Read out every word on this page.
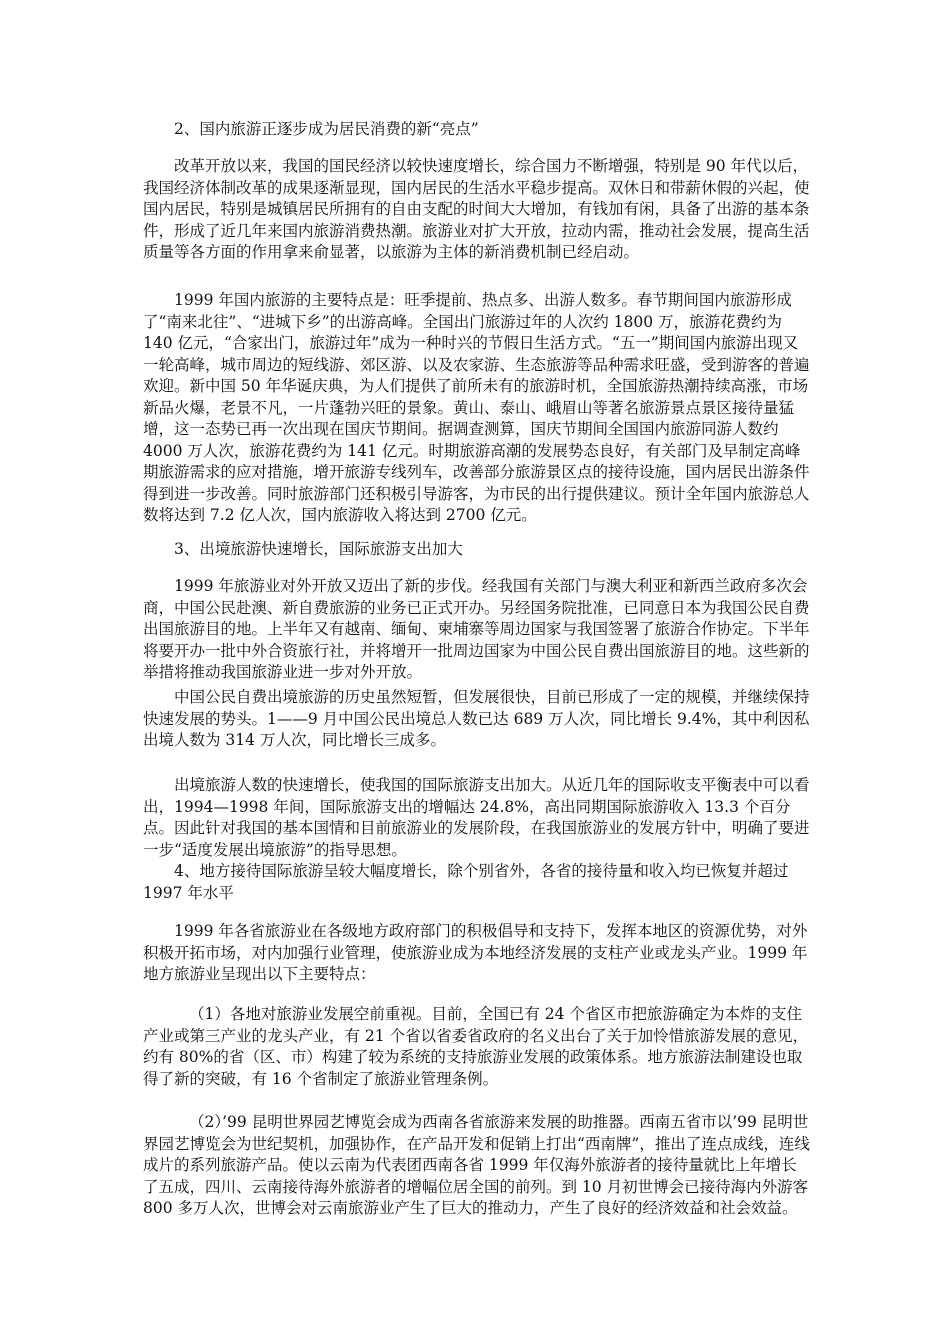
2、国内旅游正逐步成为居民消费的新“亮点”

改革开放以来，我国的国民经济以较快速度增长，综合国力不断增强，特别是 90 年代以后，我国经济体制改革的成果逐渐显现，国内居民的生活水平稳步提高。双休日和带薪休假的兴起，使国内居民，特别是城镇居民所拥有的自由支配的时间大大增加，有钱加有闲，具备了出游的基本条件，形成了近几年来国内旅游消费热潮。旅游业对扩大开放，拉动内需，推动社会发展，提高生活质量等各方面的作用拿来俞显著，以旅游为主体的新消费机制已经启动。

1999 年国内旅游的主要特点是：旺季提前、热点多、出游人数多。春节期间国内旅游形成了“南来北往”、“进城下乡”的出游高峰。全国出门旅游过年的人次约 1800 万，旅游花费约为 140 亿元，“合家出门，旅游过年”成为一种时兴的节假日生活方式。“五一”期间国内旅游出现又一轮高峰，城市周边的短线游、郊区游、以及农家游、生态旅游等品种需求旺盛，受到游客的普遍欢迎。新中国 50 年华诞庆典，为人们提供了前所未有的旅游时机，全国旅游热潮持续高涨，市场新品火爆，老景不凡，一片蓬勃兴旺的景象。黄山、泰山、峨眉山等著名旅游景点景区接待量猛增，这一态势已再一次出现在国庆节期间。据调查测算，国庆节期间全国国内旅游同游人数约 4000 万人次，旅游花费约为 141 亿元。时期旅游高潮的发展势态良好，有关部门及早制定高峰期旅游需求的应对措施，增开旅游专线列车，改善部分旅游景区点的接待设施，国内居民出游条件得到进一步改善。同时旅游部门还积极引导游客，为市民的出行提供建议。预计全年国内旅游总人数将达到 7.2 亿人次，国内旅游收入将达到 2700 亿元。

3、出境旅游快速增长，国际旅游支出加大

1999 年旅游业对外开放又迈出了新的步伐。经我国有关部门与澳大利亚和新西兰政府多次会商，中国公民赴澳、新自费旅游的业务已正式开办。另经国务院批准，已同意日本为我国公民自费出国旅游目的地。上半年又有越南、缅甸、柬埔寨等周边国家与我国签署了旅游合作协定。下半年将要开办一批中外合资旅行社，并将增开一批周边国家为中国公民自费出国旅游目的地。这些新的举措将推动我国旅游业进一步对外开放。

中国公民自费出境旅游的历史虽然短暂，但发展很快，目前已形成了一定的规模，并继续保持快速发展的势头。1——9 月中国公民出境总人数已达 689 万人次，同比增长 9.4%，其中利因私出境人数为 314 万人次，同比增长三成多。

出境旅游人数的快速增长，使我国的国际旅游支出加大。从近几年的国际收支平衡表中可以看出，1994—1998 年间，国际旅游支出的增幅达 24.8%，高出同期国际旅游收入 13.3 个百分点。因此针对我国的基本国情和目前旅游业的发展阶段，在我国旅游业的发展方针中，明确了要进一步“适度发展出境旅游”的指导思想。

4、地方接待国际旅游呈较大幅度增长，除个别省外，各省的接待量和收入均已恢复并超过 1997 年水平

1999 年各省旅游业在各级地方政府部门的积极倡导和支持下，发挥本地区的资源优势，对外积极开拓市场，对内加强行业管理，使旅游业成为本地经济发展的支柱产业或龙头产业。1999 年地方旅游业呈现出以下主要特点：

（1）各地对旅游业发展空前重视。目前，全国已有 24 个省区市把旅游确定为本炸的支住产业或第三产业的龙头产业，有 21 个省以省委省政府的名义出台了关于加怜惜旅游发展的意见，约有 80%的省（区、市）构建了较为系统的支持旅游业发展的政策体系。地方旅游法制建设也取得了新的突破，有 16 个省制定了旅游业管理条例。

（2）’99 昆明世界园艺博览会成为西南各省旅游来发展的助推器。西南五省市以’99 昆明世界园艺博览会为世纪契机，加强协作，在产品开发和促销上打出“西南牌”，推出了连点成线，连线成片的系列旅游产品。使以云南为代表团西南各省 1999 年仅海外旅游者的接待量就比上年增长了五成，四川、云南接待海外旅游者的增幅位居全国的前列。到 10 月初世博会已接待海内外游客 800 多万人次，世博会对云南旅游业产生了巨大的推动力，产生了良好的经济效益和社会效益。
